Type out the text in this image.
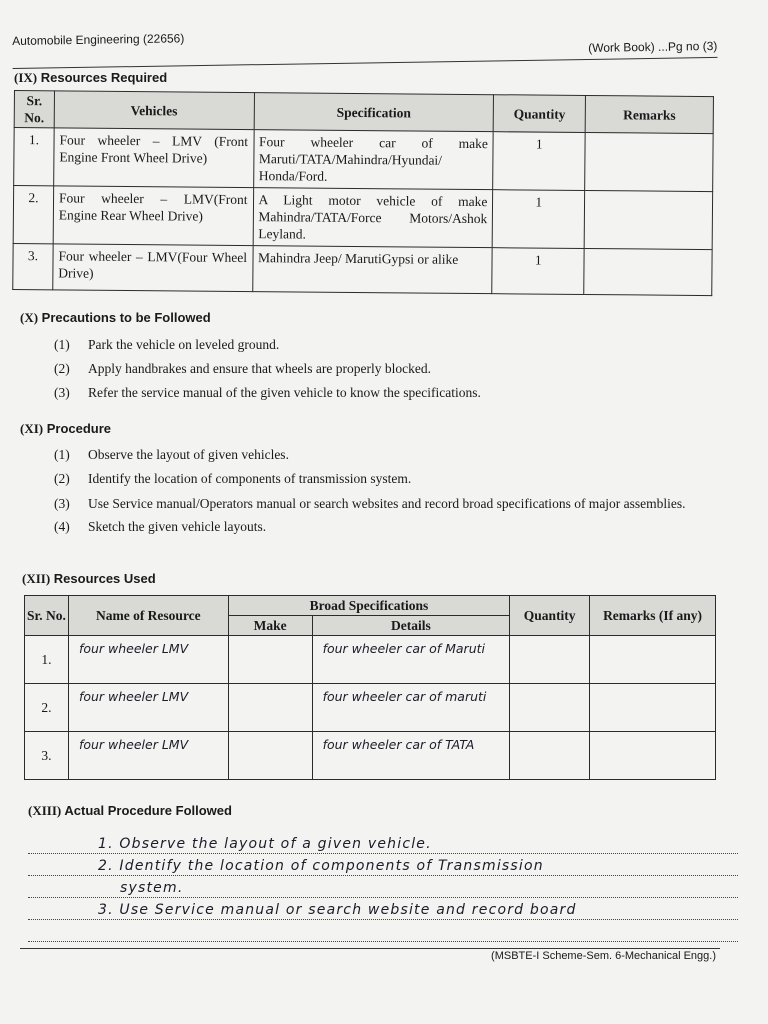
Automobile Engineering (22656)	(Work Book) ...Pg no (3)
(IX) Resources Required
Sr. No.	Vehicles	Specification	Quantity	Remarks
1.	Four wheeler – LMV (Front Engine Front Wheel Drive)	Four wheeler car of make Maruti/TATA/Mahindra/Hyundai/ Honda/Ford.	1	
2.	Four wheeler – LMV(Front Engine Rear Wheel Drive)	A Light motor vehicle of make Mahindra/TATA/Force Motors/Ashok Leyland.	1	
3.	Four wheeler – LMV(Four Wheel Drive)	Mahindra Jeep/ MarutiGypsi or alike	1	
(X) Precautions to be Followed
(1)	Park the vehicle on leveled ground.
(2)	Apply handbrakes and ensure that wheels are properly blocked.
(3)	Refer the service manual of the given vehicle to know the specifications.
(XI) Procedure
(1)	Observe the layout of given vehicles.
(2)	Identify the location of components of transmission system.
(3)	Use Service manual/Operators manual or search websites and record broad specifications of major assemblies.
(4)	Sketch the given vehicle layouts.
(XII) Resources Used
Sr. No.	Name of Resource	Broad Specifications		Quantity	Remarks (If any)
		Make	Details		
1.	four wheeler LMV		four wheeler car of Maruti		
2.	four wheeler LMV		four wheeler car of maruti		
3.	four wheeler LMV		four wheeler car of TATA		
(XIII) Actual Procedure Followed
1. Observe the layout of a given vehicle.
2. Identify the location of components of Transmission
system.
3. Use Service manual or search website and record board
(MSBTE-I Scheme-Sem. 6-Mechanical Engg.)
